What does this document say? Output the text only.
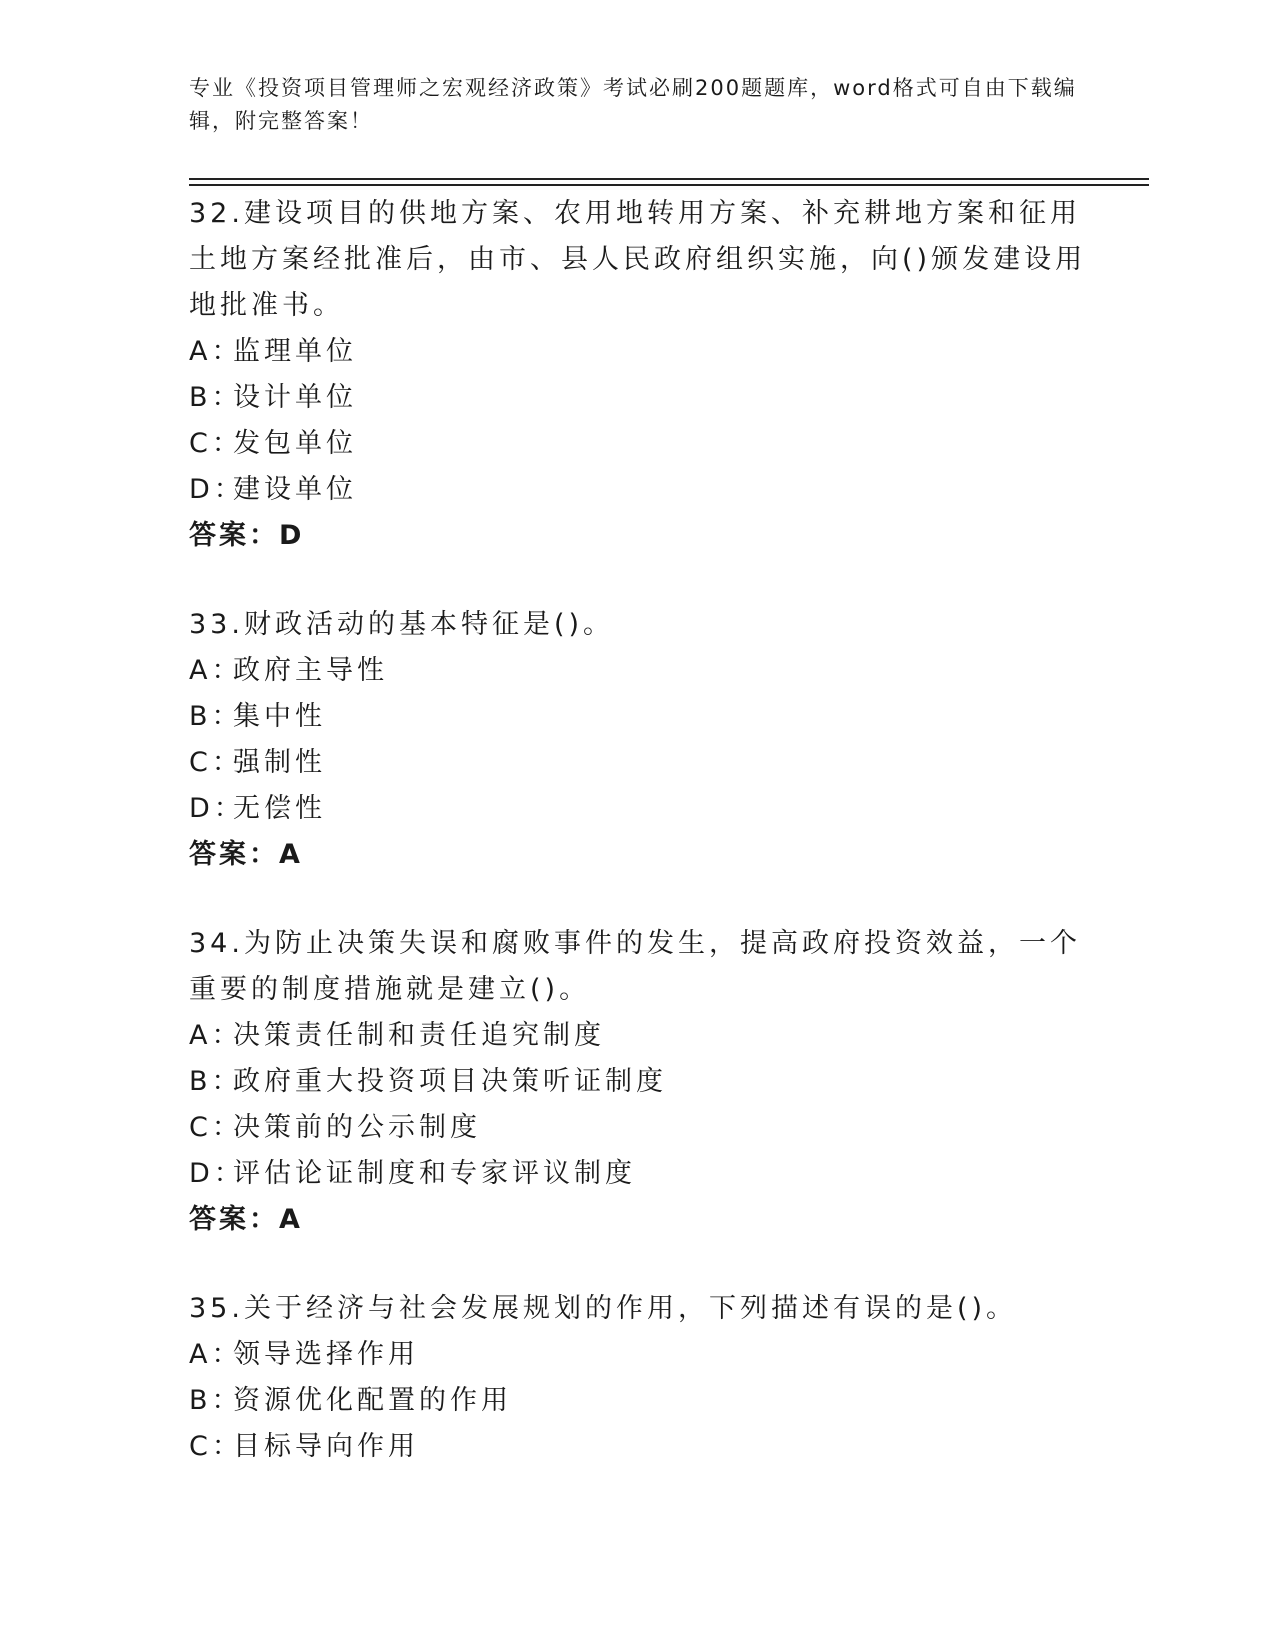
专业《投资项目管理师之宏观经济政策》考试必刷200题题库，word格式可自由下载编辑，附完整答案！

32.建设项目的供地方案、农用地转用方案、补充耕地方案和征用土地方案经批准后，由市、县人民政府组织实施，向()颁发建设用地批准书。

A：
监理单位
B：
设计单位
C：
发包单位
D：
建设单位
答案：D

33.财政活动的基本特征是()。

A：
政府主导性
B：
集中性
C：
强制性
D：
无偿性
答案：A

34.为防止决策失误和腐败事件的发生，提高政府投资效益，一个重要的制度措施就是建立()。

A：
决策责任制和责任追究制度
B：
政府重大投资项目决策听证制度
C：
决策前的公示制度
D：
评估论证制度和专家评议制度
答案：A

35.关于经济与社会发展规划的作用，下列描述有误的是()。

A：
领导选择作用
B：
资源优化配置的作用
C：
目标导向作用
